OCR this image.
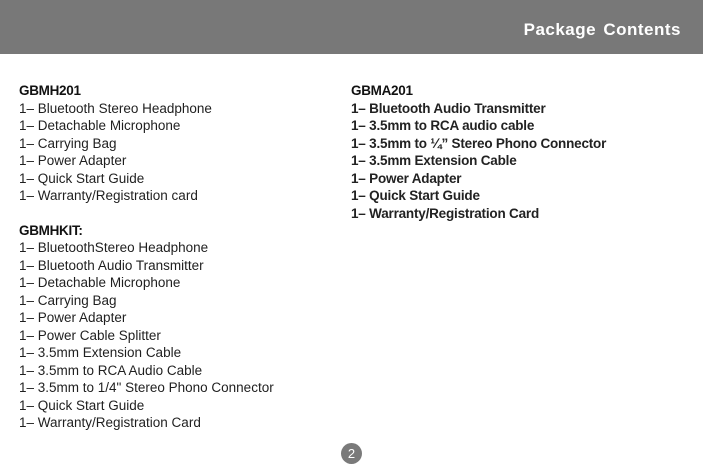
Package Contents
GBMH201
1– Bluetooth Stereo Headphone
1– Detachable Microphone
1– Carrying Bag
1– Power Adapter
1– Quick Start Guide
1– Warranty/Registration card
GBMHKIT:
1– BluetoothStereo Headphone
1– Bluetooth Audio Transmitter
1– Detachable Microphone
1– Carrying Bag
1– Power Adapter
1– Power Cable Splitter
1– 3.5mm Extension Cable
1– 3.5mm to RCA Audio Cable
1– 3.5mm to 1/4" Stereo Phono Connector
1– Quick Start Guide
1– Warranty/Registration Card
GBMA201
1– Bluetooth Audio Transmitter
1– 3.5mm to RCA audio cable
1– 3.5mm to ¼” Stereo Phono Connector
1– 3.5mm Extension Cable
1– Power Adapter
1– Quick Start Guide
1– Warranty/Registration Card
2
